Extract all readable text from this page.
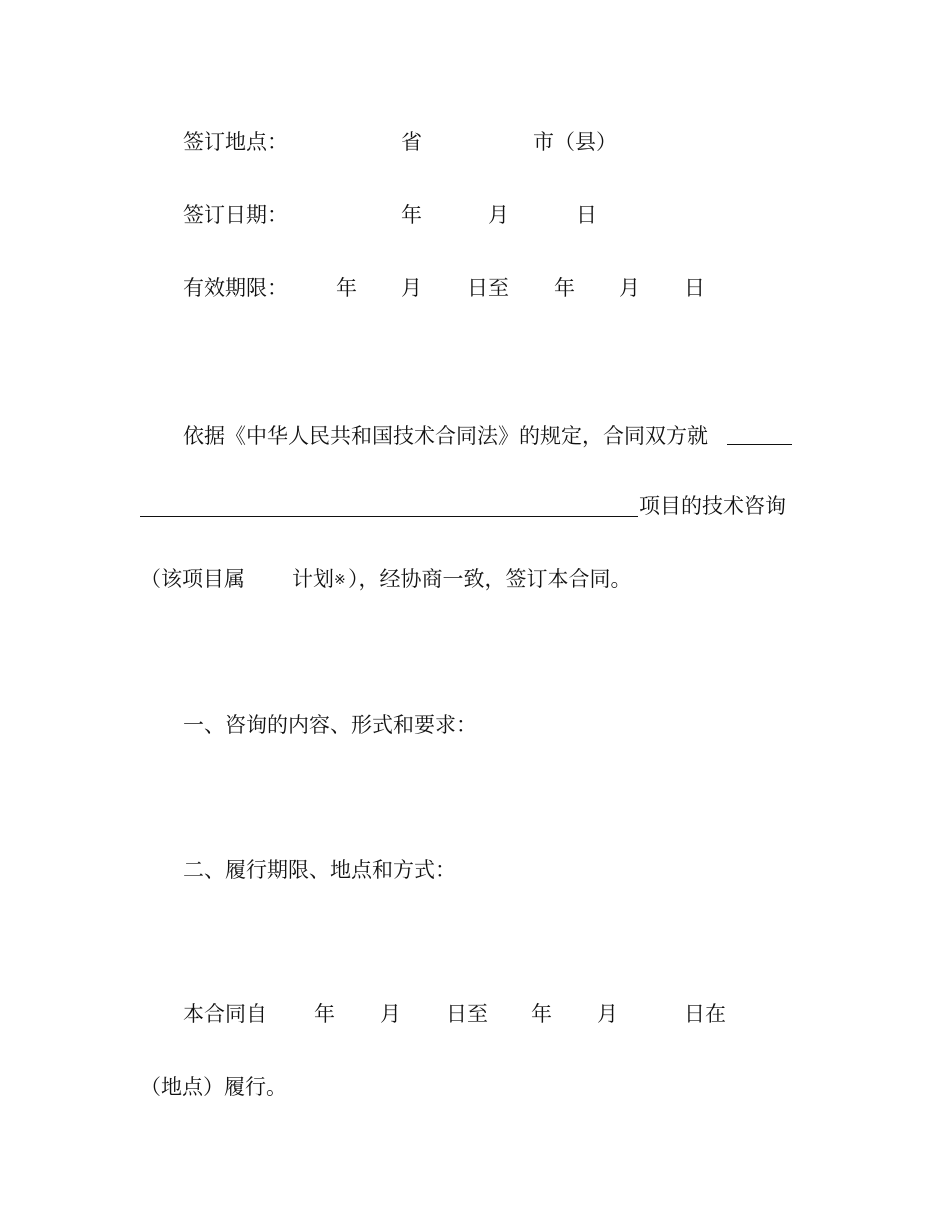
签订地点：	省	市（县）
签订日期：	年	月	日
有效期限： 年 月 日至 年 月 日
依据《中华人民共和国技术合同法》的规定，合同双方就
项目的技术咨询
（该项目属 计划 ※ ），经协商一致，签订本合同。
一、咨询的内容、形式和要求：
二、履行期限、地点和方式：
本合同自 年 月 日至 年 月	日在
（地点）履行。
